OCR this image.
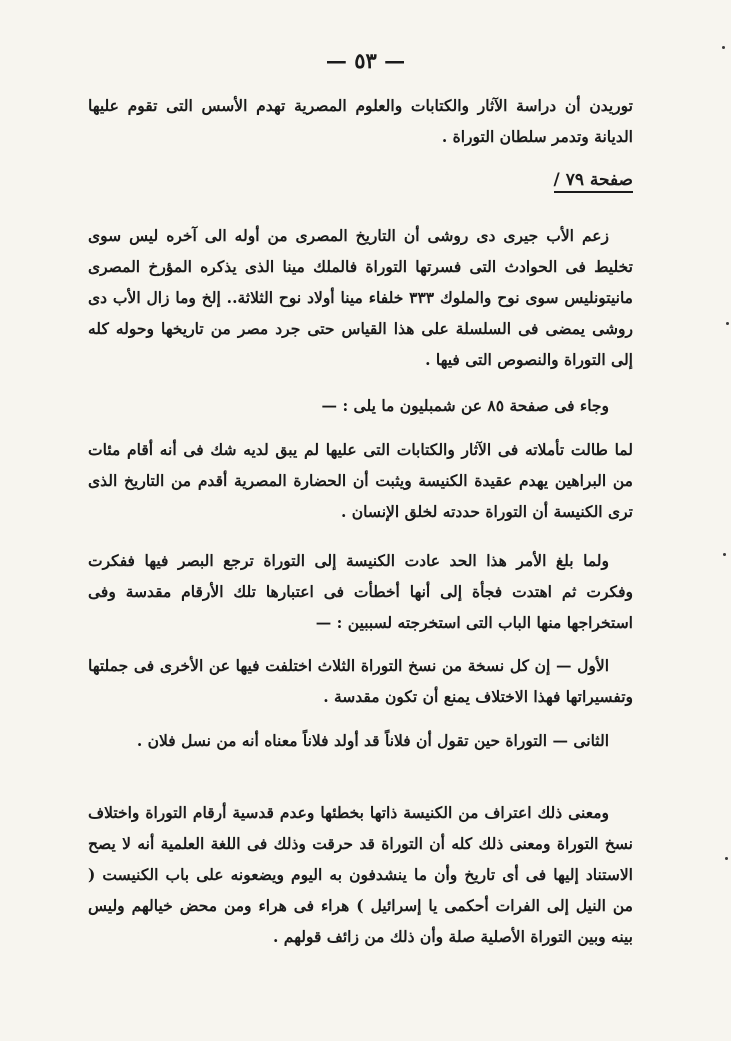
— ٥٣ —
توريدن أن دراسة الآثار والكتابات والعلوم المصرية تهدم الأسس التى تقوم عليها الديانة وتدمر سلطان التوراة .
صفحة ٧٩ /
زعم الأب جيرى دى روشى أن التاريخ المصرى من أوله الى آخره ليس سوى تخليط فى الحوادث التى فسرتها التوراة فالملك مينا الذى يذكره المؤرخ المصرى مانيتونليس سوى نوح والملوك ٣٣٣ خلفاء مينا أولاد نوح الثلاثة.. إلخ وما زال الأب دى روشى يمضى فى السلسلة على هذا القياس حتى جرد مصر من تاريخها وحوله كله إلى التوراة والنصوص التى فيها .
وجاء فى صفحة ٨٥ عن شمبليون ما يلى : —
لما طالت تأملاته فى الآثار والكتابات التى عليها لم يبق لديه شك فى أنه أقام مئات من البراهين يهدم عقيدة الكنيسة ويثبت أن الحضارة المصرية أقدم من التاريخ الذى ترى الكنيسة أن التوراة حددته لخلق الإنسان .
ولما بلغ الأمر هذا الحد عادت الكنيسة إلى التوراة ترجع البصر فيها ففكرت وفكرت ثم اهتدت فجأة إلى أنها أخطأت فى اعتبارها تلك الأرقام مقدسة وفى استخراجها منها الباب التى استخرجته لسببين : —
الأول — إن كل نسخة من نسخ التوراة الثلاث اختلفت فيها عن الأخرى فى جملتها وتفسيراتها فهذا الاختلاف يمنع أن تكون مقدسة .
الثانى — التوراة حين تقول أن فلاناً قد أولد فلاناً معناه أنه من نسل فلان .
ومعنى ذلك اعتراف من الكنيسة ذاتها بخطئها وعدم قدسية أرقام التوراة واختلاف نسخ التوراة ومعنى ذلك كله أن التوراة قد حرقت وذلك فى اللغة العلمية أنه لا يصح الاستناد إليها فى أى تاريخ وأن ما ينشدفون به اليوم ويضعونه على باب الكنيست ( من النيل إلى الفرات أحكمى يا إسرائيل ) هراء فى هراء ومن محض خيالهم وليس بينه وبين التوراة الأصلية صلة وأن ذلك من زائف قولهم .
